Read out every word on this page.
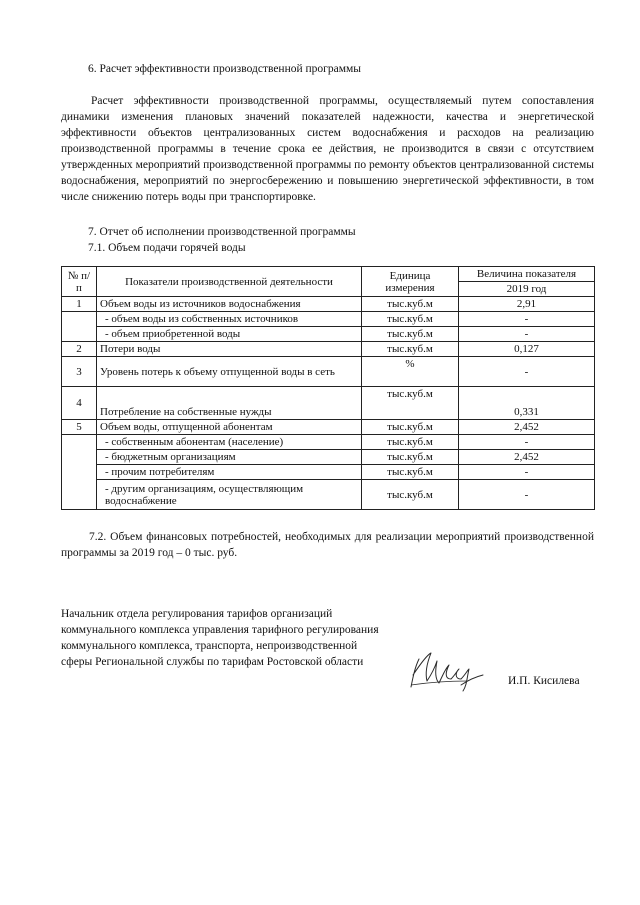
6. Расчет эффективности производственной программы
Расчет эффективности производственной программы, осуществляемый путем сопоставления динамики изменения плановых значений показателей надежности, качества и энергетической эффективности объектов централизованных систем водоснабжения и расходов на реализацию производственной программы в течение срока ее действия, не производится в связи с отсутствием утвержденных мероприятий производственной программы по ремонту объектов централизованной системы водоснабжения, мероприятий по энергосбережению и повышению энергетической эффективности, в том числе снижению потерь воды при транспортировке.
7. Отчет об исполнении производственной программы
7.1. Объем подачи горячей воды
№ п/п	Показатели производственной деятельности	Единица измерения	Величина показателя
			2019 год
1	Объем воды из источников водоснабжения	тыс.куб.м	2,91
	- объем воды из собственных источников	тыс.куб.м	-
	- объем приобретенной воды	тыс.куб.м	-
2	Потери воды	тыс.куб.м	0,127
3	Уровень потерь к объему отпущенной воды в сеть	%	-
4	Потребление на собственные нужды	тыс.куб.м	0,331
5	Объем воды, отпущенной абонентам	тыс.куб.м	2,452
	- собственным абонентам (население)	тыс.куб.м	-
	- бюджетным организациям	тыс.куб.м	2,452
	- прочим потребителям	тыс.куб.м	-
	- другим организациям, осуществляющим водоснабжение	тыс.куб.м	-
7.2. Объем финансовых потребностей, необходимых для реализации мероприятий производственной программы за 2019 год – 0 тыс. руб.
Начальник отдела регулирования тарифов организаций коммунального комплекса управления тарифного регулирования коммунального комплекса, транспорта, непроизводственной сферы Региональной службы по тарифам Ростовской области
И.П. Кисилева
